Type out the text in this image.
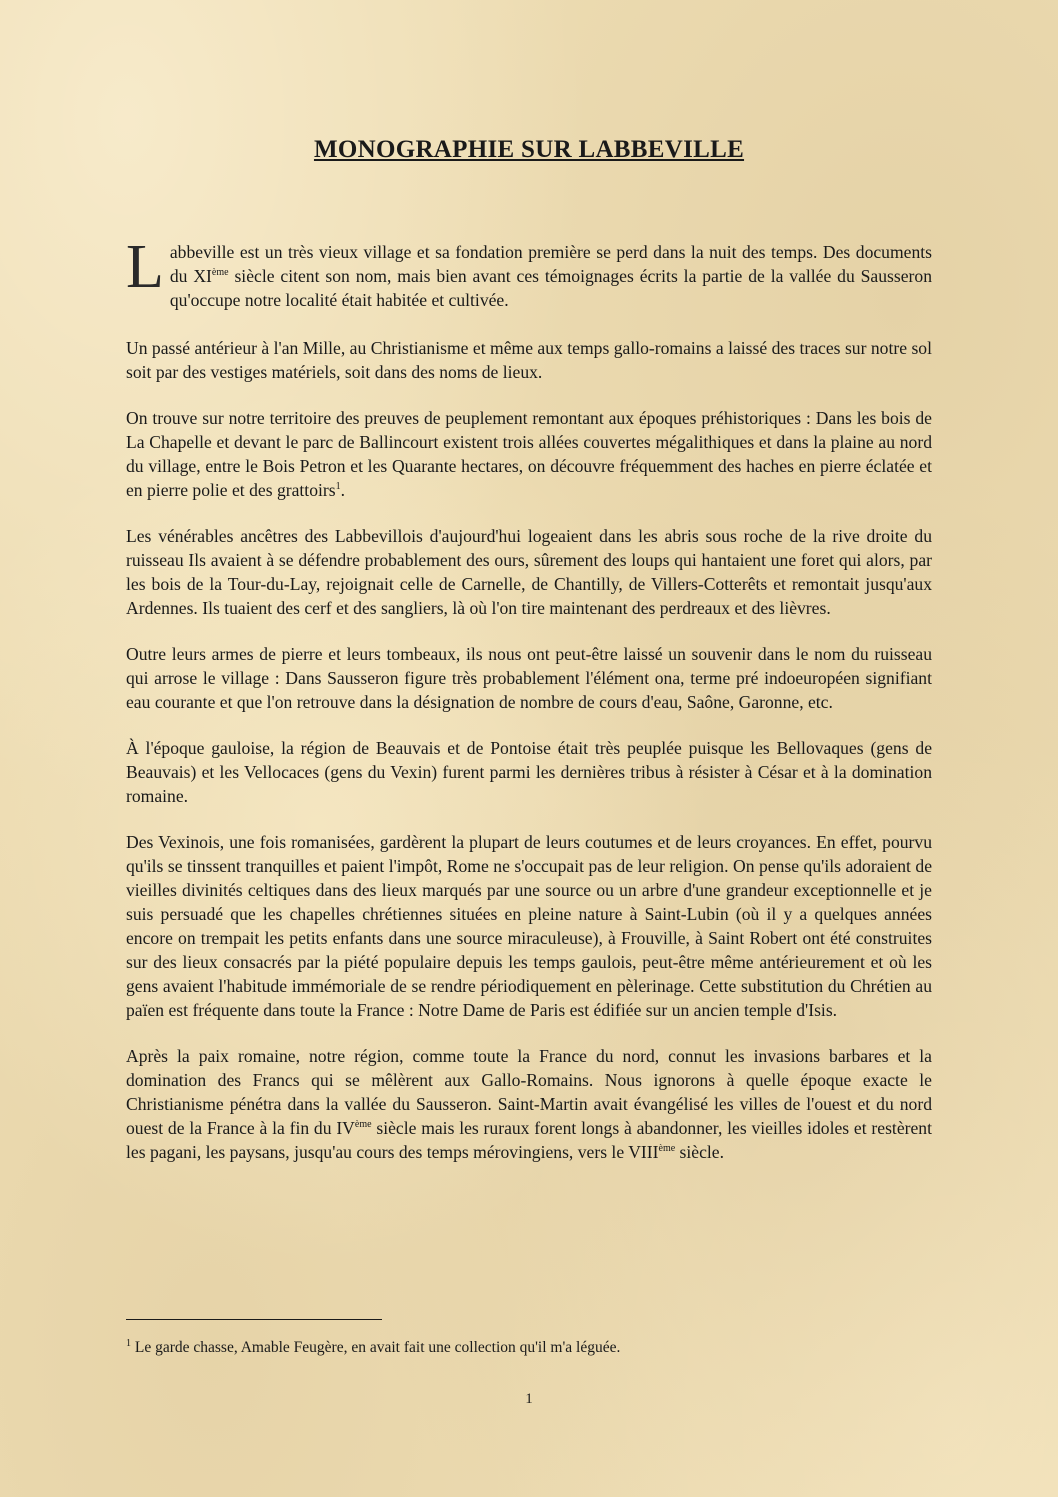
MONOGRAPHIE SUR LABBEVILLE

Labbeville est un très vieux village et sa fondation première se perd dans la nuit des temps. Des documents du XIème siècle citent son nom, mais bien avant ces témoignages écrits la partie de la vallée du Sausseron qu'occupe notre localité était habitée et cultivée.

Un passé antérieur à l'an Mille, au Christianisme et même aux temps gallo-romains a laissé des traces sur notre sol soit par des vestiges matériels, soit dans des noms de lieux.

On trouve sur notre territoire des preuves de peuplement remontant aux époques préhistoriques : Dans les bois de La Chapelle et devant le parc de Ballincourt existent trois allées couvertes mégalithiques et dans la plaine au nord du village, entre le Bois Petron et les Quarante hectares, on découvre fréquemment des haches en pierre éclatée et en pierre polie et des grattoirs$^1$.

Les vénérables ancêtres des Labbevillois d'aujourd'hui logeaient dans les abris sous roche de la rive droite du ruisseau Ils avaient à se défendre probablement des ours, sûrement des loups qui hantaient une foret qui alors, par les bois de la Tour-du-Lay, rejoignait celle de Carnelle, de Chantilly, de Villers-Cotterêts et remontait jusqu'aux Ardennes. Ils tuaient des cerf et des sangliers, là où l'on tire maintenant des perdreaux et des lièvres.

Outre leurs armes de pierre et leurs tombeaux, ils nous ont peut-être laissé un souvenir dans le nom du ruisseau qui arrose le village : Dans Sausseron figure très probablement l'élément ona, terme pré indoeuropéen signifiant eau courante et que l'on retrouve dans la désignation de nombre de cours d'eau, Saône, Garonne, etc.

À l'époque gauloise, la région de Beauvais et de Pontoise était très peuplée puisque les Bellovaques (gens de Beauvais) et les Vellocaces (gens du Vexin) furent parmi les dernières tribus à résister à César et à la domination romaine.

Des Vexinois, une fois romanisées, gardèrent la plupart de leurs coutumes et de leurs croyances. En effet, pourvu qu'ils se tinssent tranquilles et paient l'impôt, Rome ne s'occupait pas de leur religion. On pense qu'ils adoraient de vieilles divinités celtiques dans des lieux marqués par une source ou un arbre d'une grandeur exceptionnelle et je suis persuadé que les chapelles chrétiennes situées en pleine nature à Saint-Lubin (où il y a quelques années encore on trempait les petits enfants dans une source miraculeuse), à Frouville, à Saint Robert ont été construites sur des lieux consacrés par la piété populaire depuis les temps gaulois, peut-être même antérieurement et où les gens avaient l'habitude immémoriale de se rendre périodiquement en pèlerinage. Cette substitution du Chrétien au païen est fréquente dans toute la France : Notre Dame de Paris est édifiée sur un ancien temple d'Isis.

Après la paix romaine, notre région, comme toute la France du nord, connut les invasions barbares et la domination des Francs qui se mêlèrent aux Gallo-Romains. Nous ignorons à quelle époque exacte le Christianisme pénétra dans la vallée du Sausseron. Saint-Martin avait évangélisé les villes de l'ouest et du nord ouest de la France à la fin du IVème siècle mais les ruraux forent longs à abandonner, les vieilles idoles et restèrent les pagani, les paysans, jusqu'au cours des temps mérovingiens, vers le VIIIème siècle.

$^1$ Le garde chasse, Amable Feugère, en avait fait une collection qu'il m'a léguée.

1
